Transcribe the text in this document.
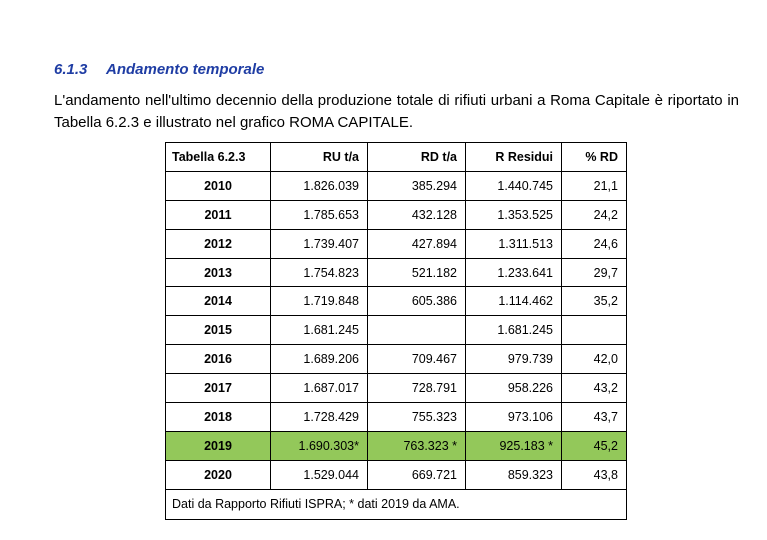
6.1.3 Andamento temporale
L'andamento nell'ultimo decennio della produzione totale di rifiuti urbani a Roma Capitale è riportato in Tabella 6.2.3 e illustrato nel grafico ROMA CAPITALE.
Tabella 6.2.3	RU t/a	RD t/a	R Residui	% RD
2010	1.826.039	385.294	1.440.745	21,1
2011	1.785.653	432.128	1.353.525	24,2
2012	1.739.407	427.894	1.311.513	24,6
2013	1.754.823	521.182	1.233.641	29,7
2014	1.719.848	605.386	1.114.462	35,2
2015	1.681.245		1.681.245	
2016	1.689.206	709.467	979.739	42,0
2017	1.687.017	728.791	958.226	43,2
2018	1.728.429	755.323	973.106	43,7
2019	1.690.303*	763.323 *	925.183 *	45,2
2020	1.529.044	669.721	859.323	43,8
Dati da Rapporto Rifiuti ISPRA; * dati 2019 da AMA.				
